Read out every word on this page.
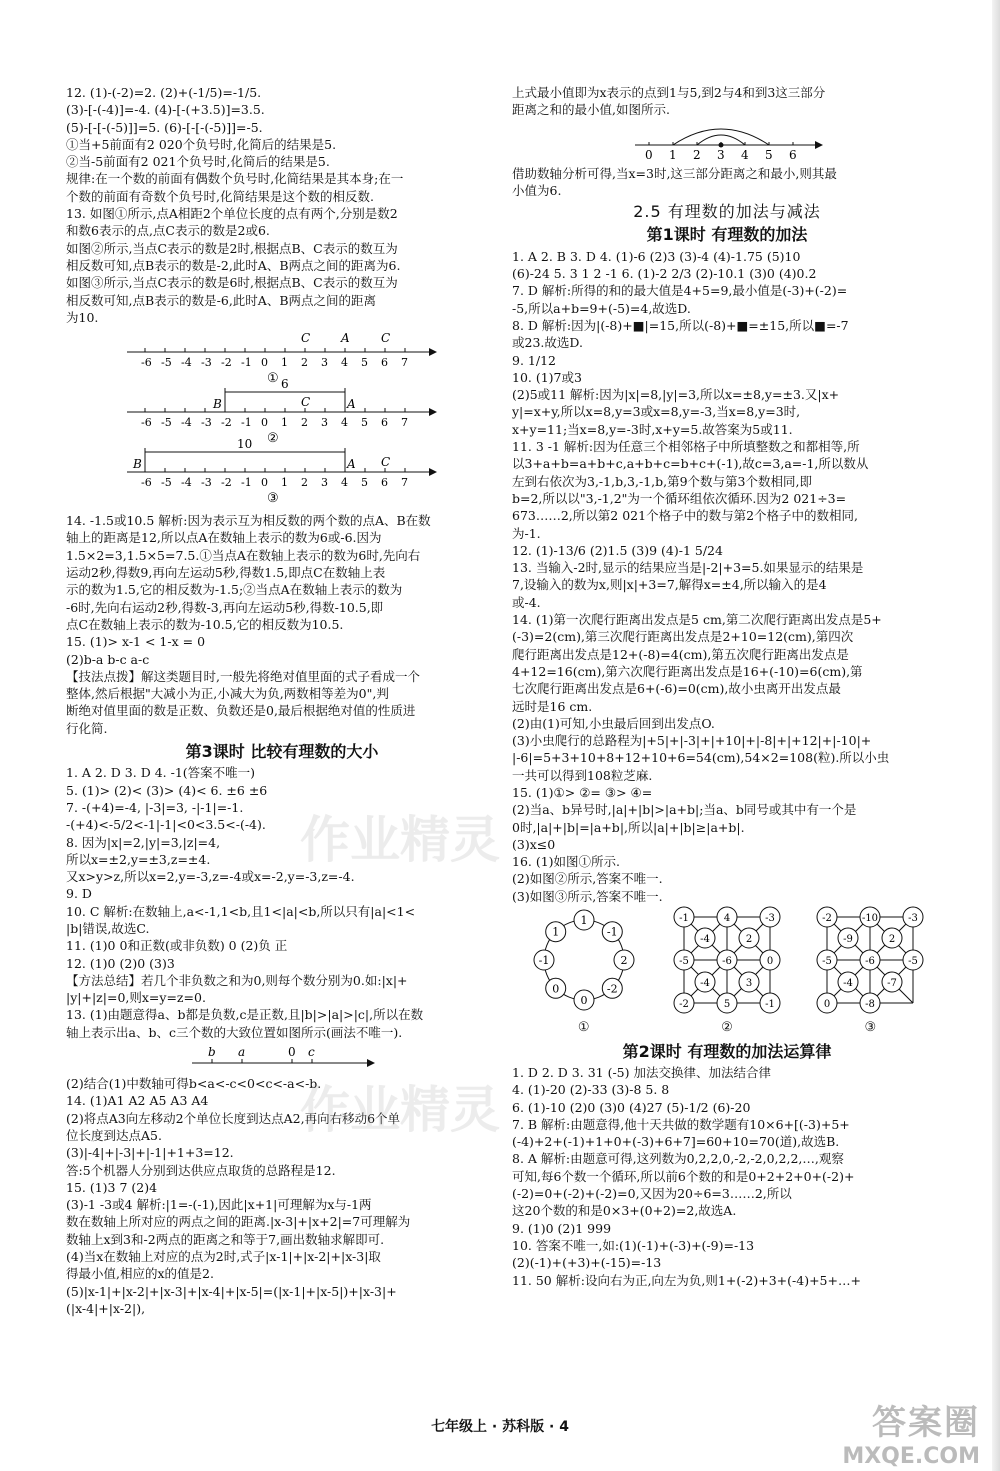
12. (1)-(-2)=2. (2)+(-1/5)=-1/5.
(3)-[-(-4)]=-4. (4)-[-(+3.5)]=3.5.
(5)-[-[-(-5)]]=5. (6)-[-[-(-5)]]=-5.
①当+5前面有2 020个负号时,化简后的结果是5.
②当-5前面有2 021个负号时,化简后的结果是5.
规律:在一个数的前面有偶数个负号时,化简结果是其本身;在一
个数的前面有奇数个负号时,化简结果是这个数的相反数.
13. 如图①所示,点A相距2个单位长度的点有两个,分别是数2
和数6表示的点,点C表示的数是2或6.
如图②所示,当点C表示的数是2时,根据点B、C表示的数互为
相反数可知,点B表示的数是-2,此时A、B两点之间的距离为6.
如图③所示,当点C表示的数是6时,根据点B、C表示的数互为
相反数可知,点B表示的数是-6,此时A、B两点之间的距离
为10.
-6 -5 -4 -3 -2 -1 0 1 2 3 4 5 6 7
①
-6 -5 -4 -3 -2 -1 0 1 2 3 4 5 6 7
②
-6 -5 -4 -3 -2 -1 0 1 2 3 4 5 6 7
③
C	A	C
B	C	A
6
B	A C
10
14. -1.5或10.5 解析:因为表示互为相反数的两个数的点A、B在数
轴上的距离是12,所以点A在数轴上表示的数为6或-6.因为
1.5×2=3,1.5×5=7.5.①当点A在数轴上表示的数为6时,先向右
运动2秒,得数9,再向左运动5秒,得数1.5,即点C在数轴上表
示的数为1.5,它的相反数为-1.5;②当点A在数轴上表示的数为
-6时,先向右运动2秒,得数-3,再向左运动5秒,得数-10.5,即
点C在数轴上表示的数为-10.5,它的相反数为10.5.
15. (1)> x-1 < 1-x = 0
(2)b-a b-c a-c
【技法点拨】解这类题目时,一般先将绝对值里面的式子看成一个
整体,然后根据"大减小为正,小减大为负,两数相等差为0",判
断绝对值里面的数是正数、负数还是0,最后根据绝对值的性质进
行化简.
第3课时 比较有理数的大小
1. A 2. D 3. D 4. -1(答案不唯一)
5. (1)> (2)< (3)> (4)< 6. ±6 ±6
7. -(+4)=-4, |-3|=3, -|-1|=-1.
-(+4)<-5/2<-1|-1|<0<3.5<-(-4).
8. 因为|x|=2,|y|=3,|z|=4,
所以x=±2,y=±3,z=±4.
又x>y>z,所以x=2,y=-3,z=-4或x=-2,y=-3,z=-4.
9. D
10. C 解析:在数轴上,a<-1,1<b,且1<|a|<b,所以只有|a|<1<
|b|错误,故选C.
11. (1)0 0和正数(或非负数) 0 (2)负 正
12. (1)0 (2)0 (3)3
【方法总结】若几个非负数之和为0,则每个数分别为0.如:|x|+
|y|+|z|=0,则x=y=z=0.
13. (1)由题意得a、b都是负数,c是正数,且|b|>|a|>|c|,所以在数
轴上表示出a、b、c三个数的大致位置如图所示(画法不唯一).
b a	0 c
(2)结合(1)中数轴可得b<a<-c<0<c<-a<-b.
14. (1)A1 A2 A5 A3 A4
(2)将点A3向左移动2个单位长度到达点A2,再向右移动6个单
位长度到达点A5.
(3)|-4|+|-3|+|-1|+1+3=12.
答:5个机器人分别到达供应点取货的总路程是12.
15. (1)3 7 (2)4
(3)-1 -3或4 解析:|1=-(-1),因此|x+1|可理解为x与-1两
数在数轴上所对应的两点之间的距离.|x-3|+|x+2|=7可理解为
数轴上x到3和-2两点的距离之和等于7,画出数轴求解即可.
(4)当x在数轴上对应的点为2时,式子|x-1|+|x-2|+|x-3|取
得最小值,相应的x的值是2.
(5)|x-1|+|x-2|+|x-3|+|x-4|+|x-5|=(|x-1|+|x-5|)+|x-3|+
(|x-4|+|x-2|),
上式最小值即为x表示的点到1与5,到2与4和到3这三部分
距离之和的最小值,如图所示.
0 1 2 3 4 5 6
借助数轴分析可得,当x=3时,这三部分距离之和最小,则其最
小值为6.
2.5 有理数的加法与减法
第1课时 有理数的加法
1. A 2. B 3. D 4. (1)-6 (2)3 (3)-4 (4)-1.75 (5)10
(6)-24 5. 3 1 2 -1 6. (1)-2 2/3 (2)-10.1 (3)0 (4)0.2
7. D 解析:所得的和的最大值是4+5=9,最小值是(-3)+(-2)=
-5,所以a+b=9+(-5)=4,故选D.
8. D 解析:因为|(-8)+■|=15,所以(-8)+■=±15,所以■=-7
或23.故选D.
9. 1/12
10. (1)7或3
(2)5或11 解析:因为|x|=8,|y|=3,所以x=±8,y=±3.又|x+
y|=x+y,所以x=8,y=3或x=8,y=-3,当x=8,y=3时,
x+y=11;当x=8,y=-3时,x+y=5.故答案为5或11.
11. 3 -1 解析:因为任意三个相邻格子中所填整数之和都相等,所
以3+a+b=a+b+c,a+b+c=b+c+(-1),故c=3,a=-1,所以数从
左到右依次为3,-1,b,3,-1,b,第9个数与第3个数相同,即
b=2,所以以"3,-1,2"为一个循环组依次循环.因为2 021÷3=
673……2,所以第2 021个格子中的数与第2个格子中的数相同,
为-1.
12. (1)-13/6 (2)1.5 (3)9 (4)-1 5/24
13. 当输入-2时,显示的结果应当是|-2|+3=5.如果显示的结果是
7,设输入的数为x,则|x|+3=7,解得x=±4,所以输入的是4
或-4.
14. (1)第一次爬行距离出发点是5 cm,第二次爬行距离出发点是5+
(-3)=2(cm),第三次爬行距离出发点是2+10=12(cm),第四次
爬行距离出发点是12+(-8)=4(cm),第五次爬行距离出发点是
4+12=16(cm),第六次爬行距离出发点是16+(-10)=6(cm),第
七次爬行距离出发点是6+(-6)=0(cm),故小虫离开出发点最
远时是16 cm.
(2)由(1)可知,小虫最后回到出发点O.
(3)小虫爬行的总路程为|+5|+|-3|+|+10|+|-8|+|+12|+|-10|+
|-6|=5+3+10+8+12+10+6=54(cm),54×2=108(粒).所以小虫
一共可以得到108粒芝麻.
15. (1)①> ②= ③> ④=
(2)当a、b异号时,|a|+|b|>|a+b|;当a、b同号或其中有一个是
0时,|a|+|b|=|a+b|,所以|a|+|b|≥|a+b|.
(3)x≤0
16. (1)如图①所示.
(2)如图②所示,答案不唯一.
(3)如图③所示,答案不唯一.
1
-1
2
-2
0
0
-1
1
①
-1	4	-3
-4	2
-5	-6	0
-4	3
-2	5	-1
②
-2	-10	-3
-9	2
-5	-6	-5
-4	-7
0	-8
③
第2课时 有理数的加法运算律
1. D 2. D 3. 31 (-5) 加法交换律、加法结合律
4. (1)-20 (2)-33 (3)-8 5. 8
6. (1)-10 (2)0 (3)0 (4)27 (5)-1/2 (6)-20
7. B 解析:由题意得,他十天共做的数学题有10×6+[(-3)+5+
(-4)+2+(-1)+1+0+(-3)+6+7]=60+10=70(道),故选B.
8. A 解析:由题意可得,这列数为0,2,2,0,-2,-2,0,2,2,…,观察
可知,每6个数一个循环,所以前6个数的和是0+2+2+0+(-2)+
(-2)=0+(-2)+(-2)=0,又因为20÷6=3……2,所以
这20个数的和是0×3+(0+2)=2,故选A.
9. (1)0 (2)1 999
10. 答案不唯一,如:(1)(-1)+(-3)+(-9)=-13
(2)(-1)+(+3)+(-15)=-13
11. 50 解析:设向右为正,向左为负,则1+(-2)+3+(-4)+5+…+
作业精灵
作业精灵
七年级上 · 苏科版 · 4	答案圈
MXQE.COM
